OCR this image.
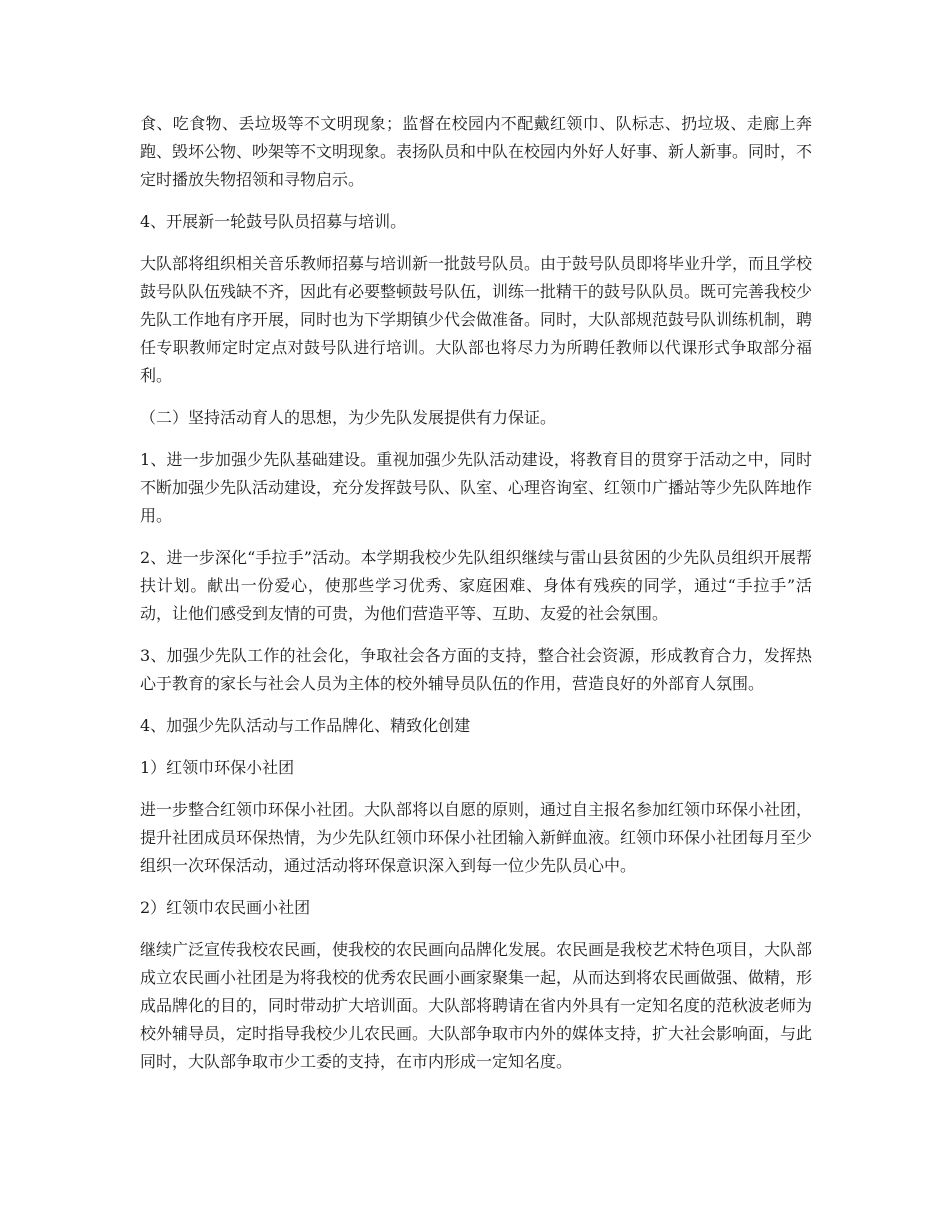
食、吃食物、丢垃圾等不文明现象；监督在校园内不配戴红领巾、队标志、扔垃圾、走廊上奔跑、毁坏公物、吵架等不文明现象。表扬队员和中队在校园内外好人好事、新人新事。同时，不定时播放失物招领和寻物启示。

4、开展新一轮鼓号队员招募与培训。

大队部将组织相关音乐教师招募与培训新一批鼓号队员。由于鼓号队员即将毕业升学，而且学校鼓号队队伍残缺不齐，因此有必要整顿鼓号队伍，训练一批精干的鼓号队队员。既可完善我校少先队工作地有序开展，同时也为下学期镇少代会做准备。同时，大队部规范鼓号队训练机制，聘任专职教师定时定点对鼓号队进行培训。大队部也将尽力为所聘任教师以代课形式争取部分福利。

（二）坚持活动育人的思想，为少先队发展提供有力保证。

1、进一步加强少先队基础建设。重视加强少先队活动建设，将教育目的贯穿于活动之中，同时不断加强少先队活动建设，充分发挥鼓号队、队室、心理咨询室、红领巾广播站等少先队阵地作用。

2、进一步深化“手拉手”活动。本学期我校少先队组织继续与雷山县贫困的少先队员组织开展帮扶计划。献出一份爱心，使那些学习优秀、家庭困难、身体有残疾的同学，通过“手拉手”活动，让他们感受到友情的可贵，为他们营造平等、互助、友爱的社会氛围。

3、加强少先队工作的社会化，争取社会各方面的支持，整合社会资源，形成教育合力，发挥热心于教育的家长与社会人员为主体的校外辅导员队伍的作用，营造良好的外部育人氛围。

4、加强少先队活动与工作品牌化、精致化创建

1）红领巾环保小社团

进一步整合红领巾环保小社团。大队部将以自愿的原则，通过自主报名参加红领巾环保小社团，提升社团成员环保热情，为少先队红领巾环保小社团输入新鲜血液。红领巾环保小社团每月至少组织一次环保活动，通过活动将环保意识深入到每一位少先队员心中。

2）红领巾农民画小社团

继续广泛宣传我校农民画，使我校的农民画向品牌化发展。农民画是我校艺术特色项目，大队部成立农民画小社团是为将我校的优秀农民画小画家聚集一起，从而达到将农民画做强、做精，形成品牌化的目的，同时带动扩大培训面。大队部将聘请在省内外具有一定知名度的范秋波老师为校外辅导员，定时指导我校少儿农民画。大队部争取市内外的媒体支持，扩大社会影响面，与此同时，大队部争取市少工委的支持，在市内形成一定知名度。
